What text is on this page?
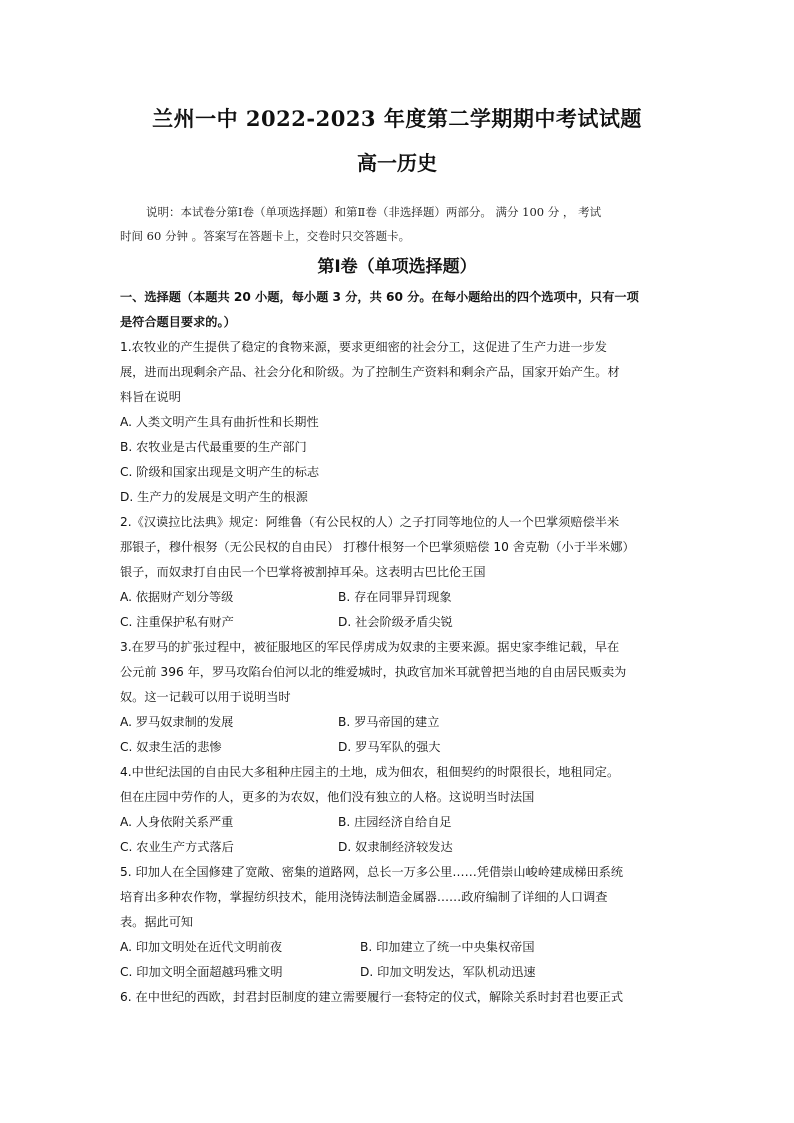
兰州一中 2022-2023 年度第二学期期中考试试题
高一历史
说明：本试卷分第Ⅰ卷（单项选择题）和第Ⅱ卷（非选择题）两部分。 满分 100 分 ， 考试
时间 60 分钟 。答案写在答题卡上，交卷时只交答题卡。
第Ⅰ卷（单项选择题）
一、选择题（本题共 20 小题，每小题 3 分，共 60 分。在每小题给出的四个选项中，只有一项
是符合题目要求的。）
1.农牧业的产生提供了稳定的食物来源，要求更细密的社会分工，这促进了生产力进一步发
展，进而出现剩余产品、社会分化和阶级。为了控制生产资料和剩余产品，国家开始产生。材
料旨在说明
A. 人类文明产生具有曲折性和长期性
B. 农牧业是古代最重要的生产部门
C. 阶级和国家出现是文明产生的标志
D. 生产力的发展是文明产生的根源
2.《汉谟拉比法典》规定：阿维鲁（有公民权的人）之子打同等地位的人一个巴掌须赔偿半米
那银子，穆什根努（无公民权的自由民） 打穆什根努一个巴掌须赔偿 10 舍克勒（小于半米娜）
银子，而奴隶打自由民一个巴掌将被割掉耳朵。这表明古巴比伦王国
A. 依据财产划分等级	B. 存在同罪异罚现象
C. 注重保护私有财产	D. 社会阶级矛盾尖锐
3.在罗马的扩张过程中，被征服地区的军民俘虏成为奴隶的主要来源。据史家李维记载，早在
公元前 396 年，罗马攻陷台伯河以北的维爱城时，执政官加米耳就曾把当地的自由居民贩卖为
奴。这一记载可以用于说明当时
A. 罗马奴隶制的发展	B. 罗马帝国的建立
C. 奴隶生活的悲惨	D. 罗马军队的强大
4.中世纪法国的自由民大多租种庄园主的土地，成为佃农，租佃契约的时限很长，地租同定。
但在庄园中劳作的人，更多的为农奴，他们没有独立的人格。这说明当时法国
A. 人身依附关系严重	B. 庄园经济自给自足
C. 农业生产方式落后	D. 奴隶制经济较发达
5. 印加人在全国修建了宽敞、密集的道路网，总长一万多公里……凭借崇山峻岭建成梯田系统
培育出多种农作物，掌握纺织技术，能用浇铸法制造金属器……政府编制了详细的人口调查
表。据此可知
A. 印加文明处在近代文明前夜	B. 印加建立了统一中央集权帝国
C. 印加文明全面超越玛雅文明	D. 印加文明发达，军队机动迅速
6. 在中世纪的西欧，封君封臣制度的建立需要履行一套特定的仪式，解除关系时封君也要正式
